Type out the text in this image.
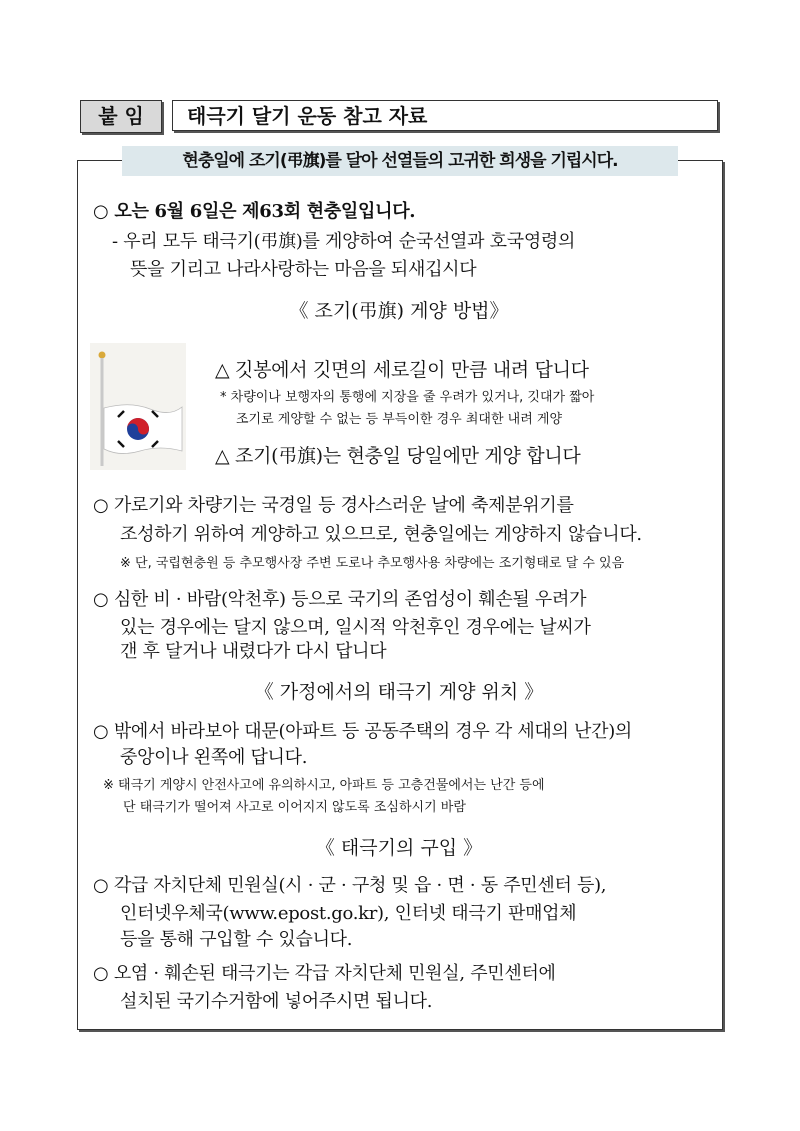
붙 임	태극기 달기 운동 참고 자료
현충일에 조기(弔旗)를 달아 선열들의 고귀한 희생을 기립시다.
○ 오는 6월 6일은 제63회 현충일입니다.
- 우리 모두 태극기(弔旗)를 게양하여 순국선열과 호국영령의
뜻을 기리고 나라사랑하는 마음을 되새깁시다
《 조기(弔旗) 게양 방법》
△ 깃봉에서 깃면의 세로길이 만큼 내려 답니다
* 차량이나 보행자의 통행에 지장을 줄 우려가 있거나, 깃대가 짧아
조기로 게양할 수 없는 등 부득이한 경우 최대한 내려 게양
△ 조기(弔旗)는 현충일 당일에만 게양 합니다
○ 가로기와 차량기는 국경일 등 경사스러운 날에 축제분위기를
조성하기 위하여 게양하고 있으므로, 현충일에는 게양하지 않습니다.
※ 단, 국립현충원 등 추모행사장 주변 도로나 추모행사용 차량에는 조기형태로 달 수 있음
○ 심한 비 · 바람(악천후) 등으로 국기의 존엄성이 훼손될 우려가
있는 경우에는 달지 않으며, 일시적 악천후인 경우에는 날씨가
갠 후 달거나 내렸다가 다시 답니다
《 가정에서의 태극기 게양 위치 》
○ 밖에서 바라보아 대문(아파트 등 공동주택의 경우 각 세대의 난간)의
중앙이나 왼쪽에 답니다.
※ 태극기 게양시 안전사고에 유의하시고, 아파트 등 고층건물에서는 난간 등에
단 태극기가 떨어져 사고로 이어지지 않도록 조심하시기 바람
《 태극기의 구입 》
○ 각급 자치단체 민원실(시 · 군 · 구청 및 읍 · 면 · 동 주민센터 등),
인터넷우체국(www.epost.go.kr), 인터넷 태극기 판매업체
등을 통해 구입할 수 있습니다.
○ 오염 · 훼손된 태극기는 각급 자치단체 민원실, 주민센터에
설치된 국기수거함에 넣어주시면 됩니다.
